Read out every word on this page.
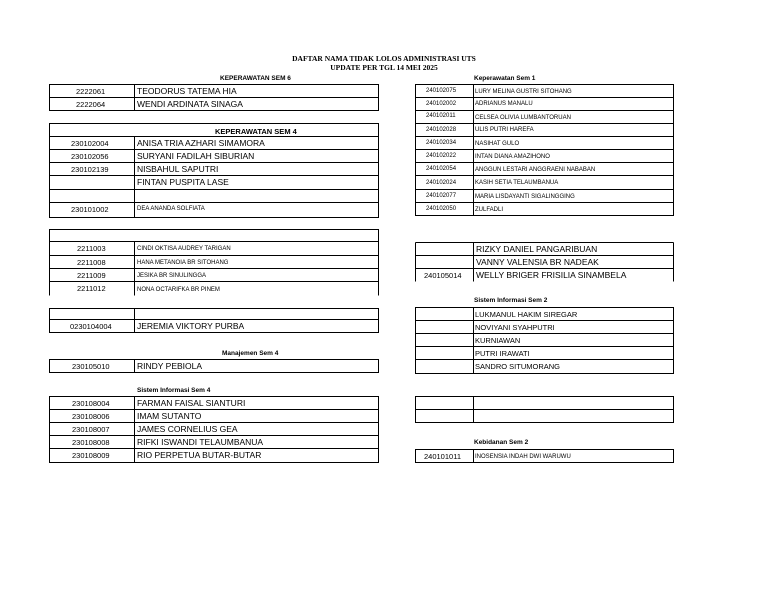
DAFTAR NAMA TIDAK LOLOS ADMINISTRASI UTS
UPDATE PER TGL 14 MEI 2025
KEPERAWATAN SEM 6	Keperawatan Sem 1
KEPERAWATAN SEM 4
Sistem Informasi Sem 2
Manajemen Sem 4
Sistem Informasi Sem 4
Kebidanan Sem 2
2222061	TEODORUS TATEMA HIA
2222064	WENDI ARDINATA SINAGA
230102004	ANISA TRIA AZHARI SIMAMORA
230102056	SURYANI FADILAH SIBURIAN
230102139	NISBAHUL SAPUTRI
FINTAN PUSPITA LASE
230101002	DEA ANANDA SOLFIATA
2211003	CINDI OKTISA AUDREY TARIGAN
2211008	HANA METANOIA BR SITOHANG
2211009	JESIKA BR SINULINGGA
2211012	NONA OCTARIFKA BR PINEM
0230104004	JEREMIA VIKTORY PURBA
230105010	RINDY PEBIOLA
230108004	FARMAN FAISAL SIANTURI
230108006	IMAM SUTANTO
230108007	JAMES CORNELIUS GEA
230108008	RIFKI ISWANDI TELAUMBANUA
230108009	RIO PERPETUA BUTAR-BUTAR
240102075	LURY MELINA GUSTRI SITOHANG
240102002	ADRIANUS MANALU
240102011	CELSEA OLIVIA LUMBANTORUAN
240102028	ULIS PUTRI HAREFA
240102034	NASIHAT GULO
240102022	INTAN DIANA AMAZIHONO
240102054	ANGGUN LESTARI ANGGRAENI NABABAN
240102024	KASIH SETIA TELAUMBANUA
240102077	MARIA LISDAYANTI SIGALINGGING
240102050	ZULFADLI
RIZKY DANIEL PANGARIBUAN
VANNY VALENSIA BR NADEAK
240105014 WELLY BRIGER FRISILIA SINAMBELA
LUKMANUL HAKIM SIREGAR
NOVIYANI SYAHPUTRI
KURNIAWAN
PUTRI IRAWATI
SANDRO SITUMORANG
240101011 INOSENSIA INDAH DWI WARUWU
